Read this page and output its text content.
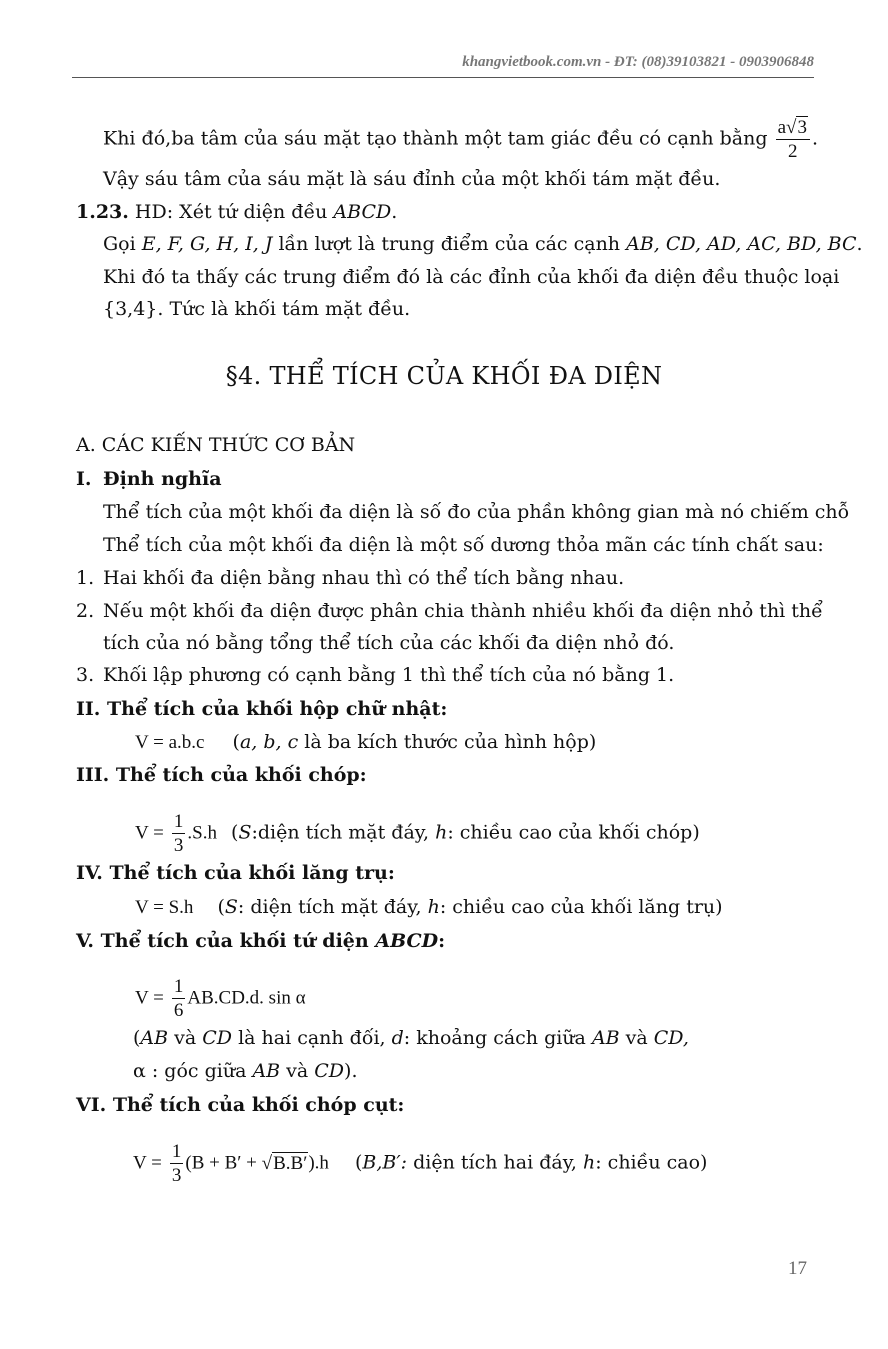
khangvietbook.com.vn - ĐT: (08)39103821 - 0903906848
Khi đó,ba tâm của sáu mặt tạo thành một tam giác đều có cạnh bằng $\frac{a√3}{2}$ .
Vậy sáu tâm của sáu mặt là sáu đỉnh của một khối tám mặt đều.
1.23. HD: Xét tứ diện đều ABCD.
Gọi E, F, G, H, I, J lần lượt là trung điểm của các cạnh AB, CD, AD, AC, BD, BC.
Khi đó ta thấy các trung điểm đó là các đỉnh của khối đa diện đều thuộc loại
{3,4}. Tức là khối tám mặt đều.
§4. THỂ TÍCH CỦA KHỐI ĐA DIỆN
A. CÁC KIẾN THỨC CƠ BẢN
I. Định nghĩa
Thể tích của một khối đa diện là số đo của phần không gian mà nó chiếm chỗ
Thể tích của một khối đa diện là một số dương thỏa mãn các tính chất sau:
1. Hai khối đa diện bằng nhau thì có thể tích bằng nhau.
2. Nếu một khối đa diện được phân chia thành nhiều khối đa diện nhỏ thì thể
tích của nó bằng tổng thể tích của các khối đa diện nhỏ đó.
3. Khối lập phương có cạnh bằng 1 thì thể tích của nó bằng 1.
II. Thể tích của khối hộp chữ nhật:
V = a.b.c (a, b, c là ba kích thước của hình hộp)
III. Thể tích của khối chóp:
$V = \frac{1}{3} .S.h$ (S:diện tích mặt đáy, h: chiều cao của khối chóp)
IV. Thể tích của khối lăng trụ:
V = S.h (S: diện tích mặt đáy, h: chiều cao của khối lăng trụ)
V. Thể tích của khối tứ diện ABCD:
$V = \frac{1}{6} AB.CD.d$. sin α
(AB và CD là hai cạnh đối, d: khoảng cách giữa AB và CD,
α : góc giữa AB và CD).
VI. Thể tích của khối chóp cụt:
$V = \frac{1}{3} (B + B' + √B.B').h$ (B,B′: diện tích hai đáy, h: chiều cao)
17
